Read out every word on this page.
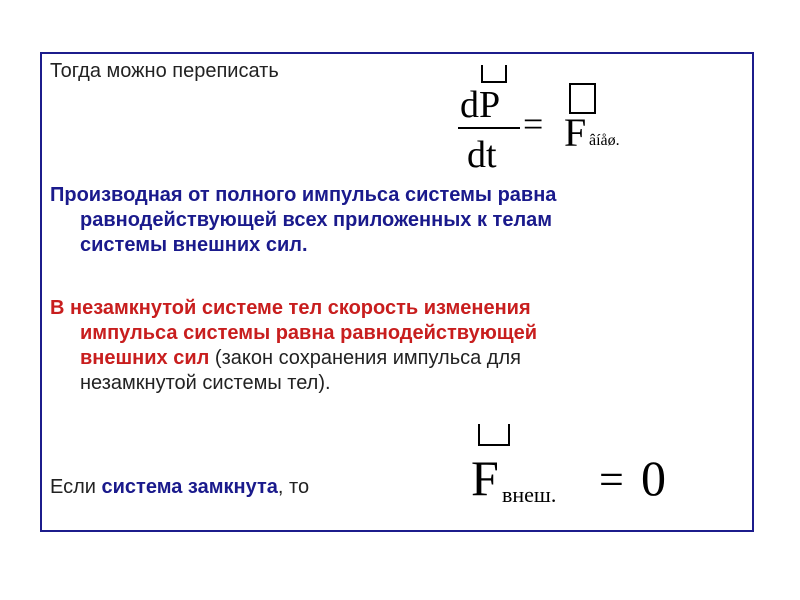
Тогда можно переписать
dP
dt
= F âíåø.
Производная от полного импульса системы равна
равнодействующей всех приложенных к телам
системы внешних сил.
В незамкнутой системе тел скорость изменения
импульса системы равна равнодействующей
внешних сил (закон сохранения импульса для
незамкнутой системы тел).
Если система замкнута, то	F внеш. = 0
